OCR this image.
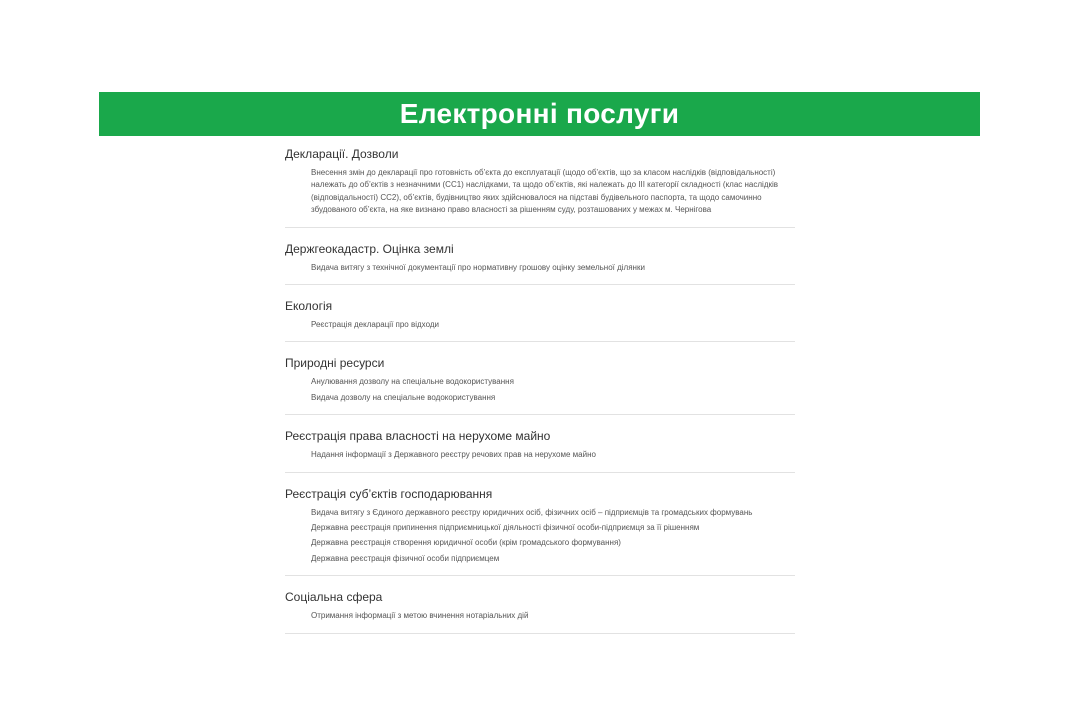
Електронні послуги
Декларації. Дозволи
Внесення змін до декларації про готовність об’єкта до експлуатації (щодо об’єктів, що за класом наслідків (відповідальності) належать до об’єктів з незначними (СС1) наслідками, та щодо об’єктів, які належать до III категорії складності (клас наслідків (відповідальності) СС2), об’єктів, будівництво яких здійснювалося на підставі будівельного паспорта, та щодо самочинно збудованого об’єкта, на яке визнано право власності за рішенням суду, розташованих у межах м. Чернігова
Держгеокадастр. Оцінка землі
Видача витягу з технічної документації про нормативну грошову оцінку земельної ділянки
Екологія
Реєстрація декларації про відходи
Природні ресурси
Анулювання дозволу на спеціальне водокористування
Видача дозволу на спеціальне водокористування
Реєстрація права власності на нерухоме майно
Надання інформації з Державного реєстру речових прав на нерухоме майно
Реєстрація суб’єктів господарювання
Видача витягу з Єдиного державного реєстру юридичних осіб, фізичних осіб – підприємців та громадських формувань
Державна реєстрація припинення підприємницької діяльності фізичної особи-підприємця за її рішенням
Державна реєстрація створення юридичної особи (крім громадського формування)
Державна реєстрація фізичної особи підприємцем
Соціальна сфера
Отримання інформації з метою вчинення нотаріальних дій
